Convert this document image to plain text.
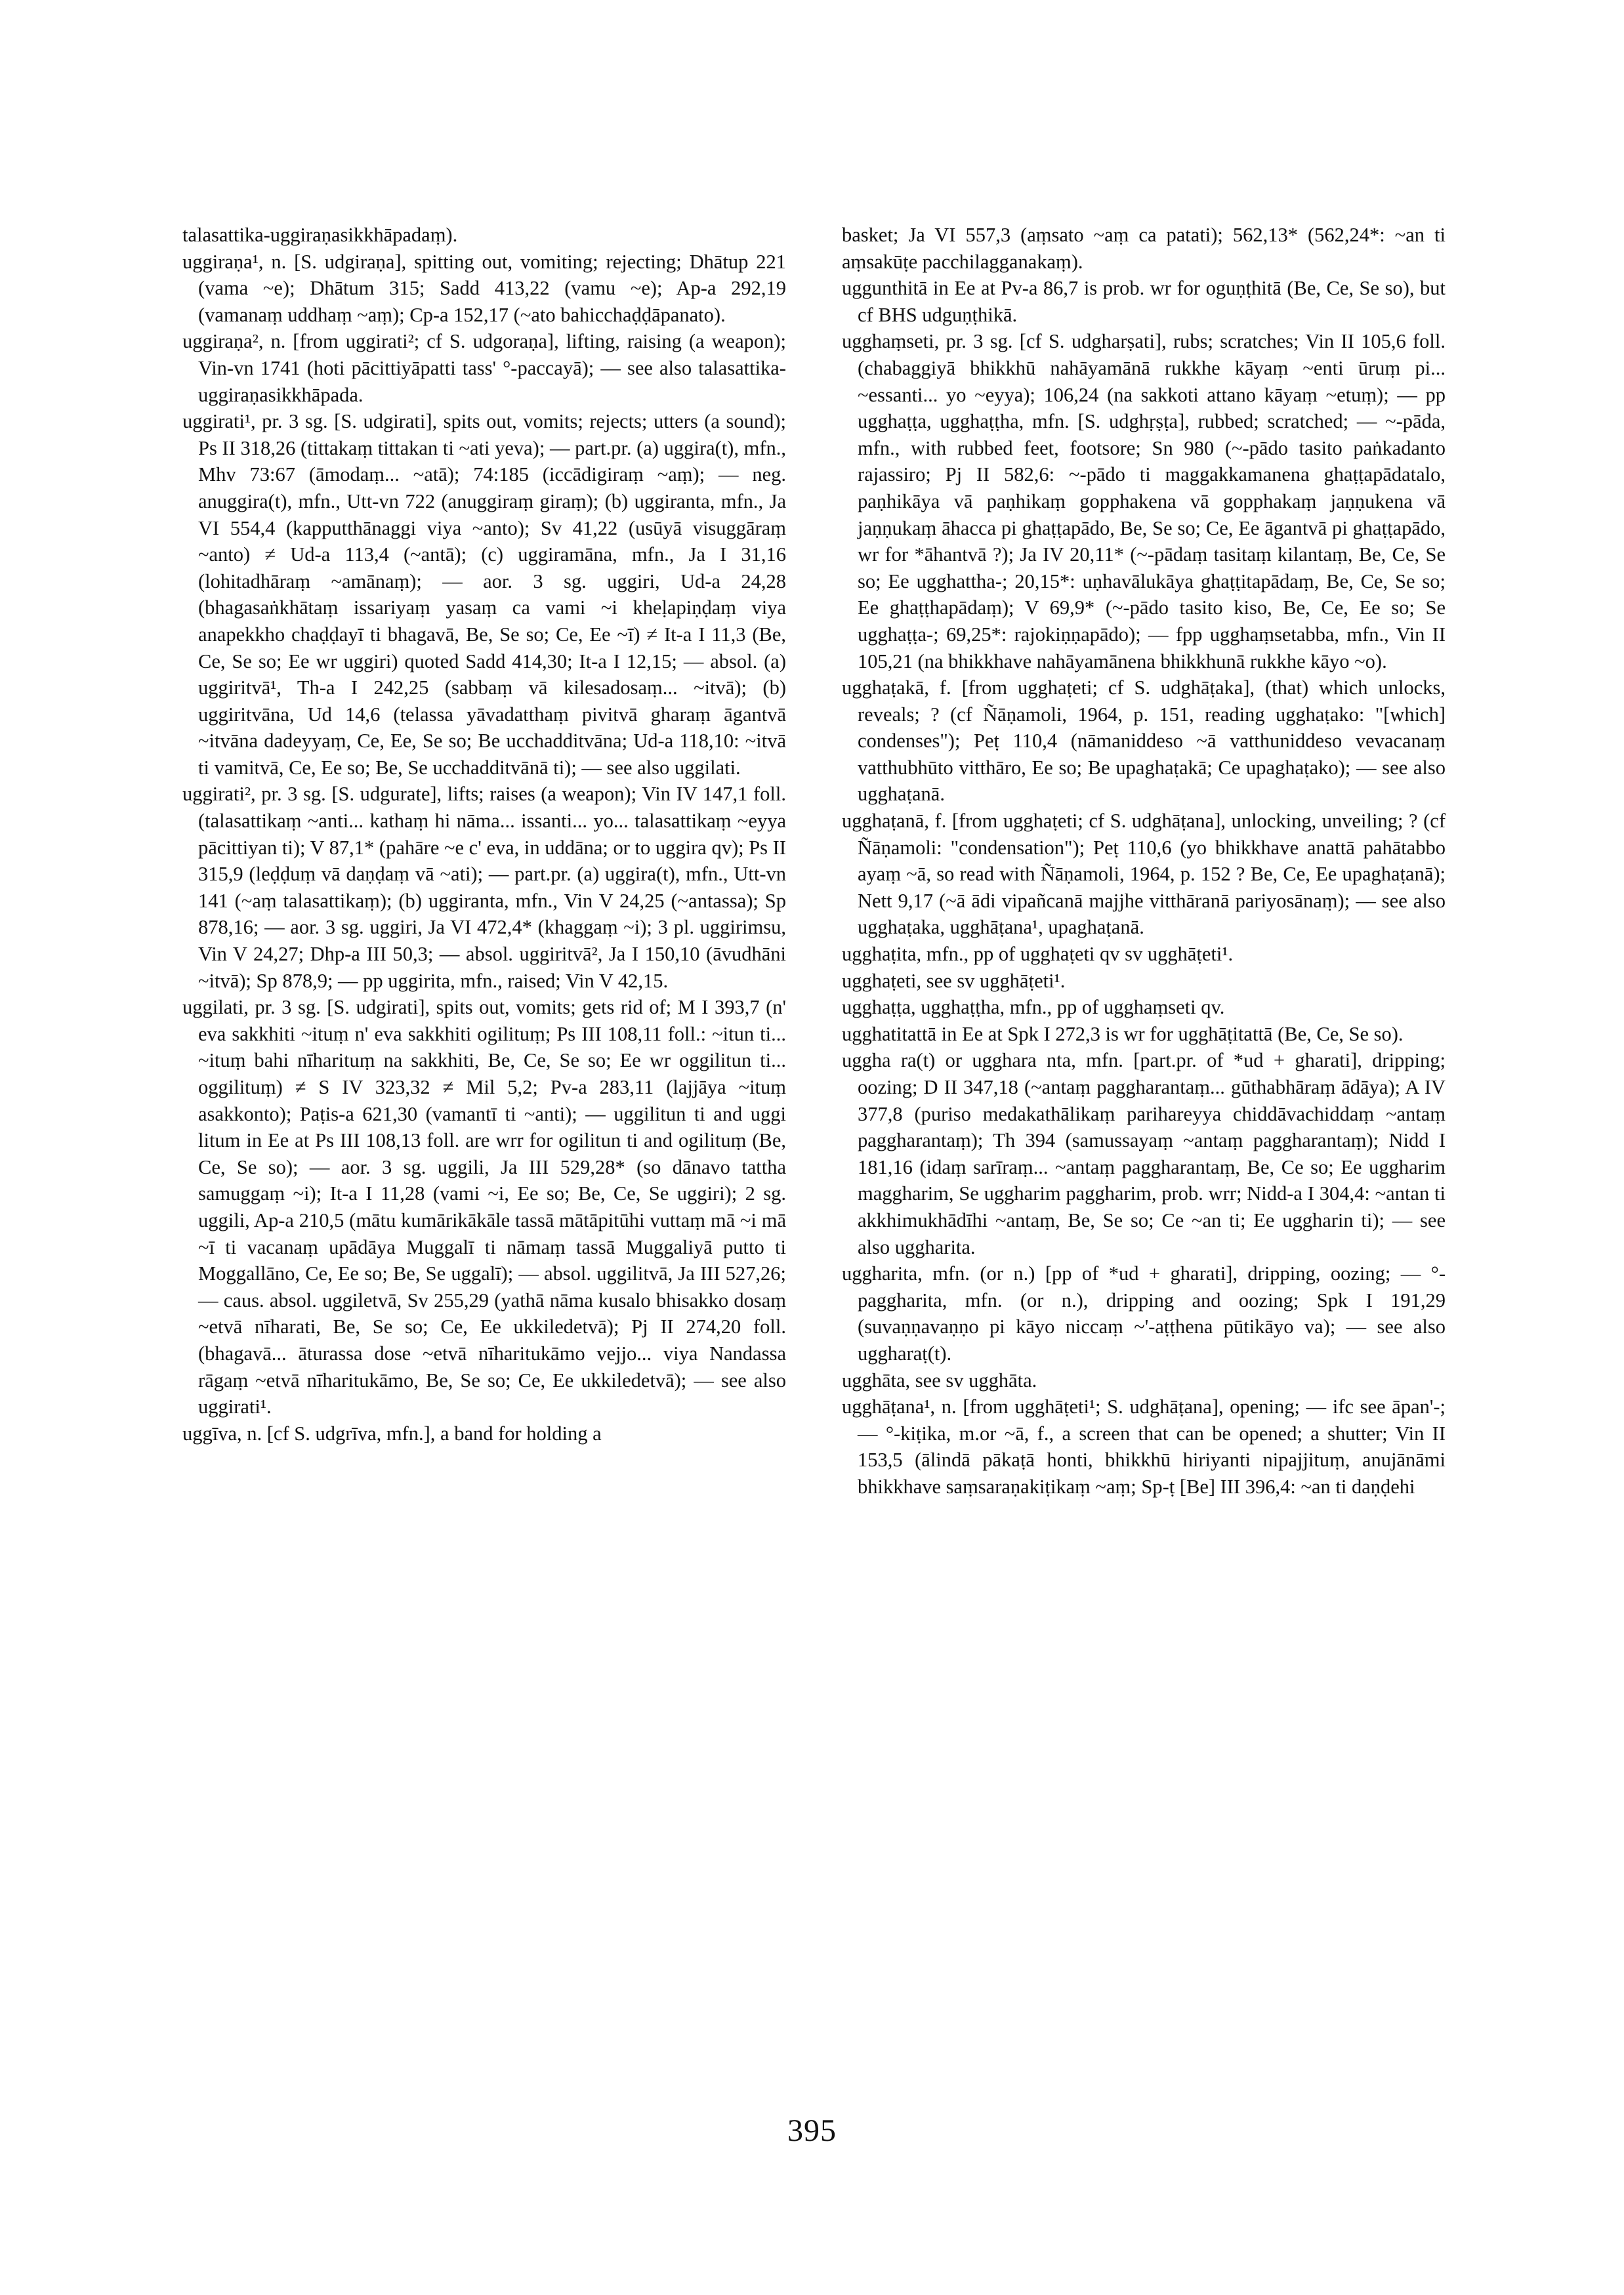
talasattika-uggiraṇasikkhāpadaṃ).

uggiraṇa¹, n. [S. udgiraṇa], spitting out, vomiting; rejecting; Dhātup 221 (vama ~e); Dhātum 315; Sadd 413,22 (vamu ~e); Ap-a 292,19 (vamanaṃ uddhaṃ ~aṃ); Cp-a 152,17 (~ato bahicchaḍḍāpanato).

uggiraṇa², n. [from uggirati²; cf S. udgoraṇa], lifting, raising (a weapon); Vin-vn 1741 (hoti pācittiyāpatti tass' °-paccayā); — see also talasattika-uggiraṇasikkhāpada.

uggirati¹, pr. 3 sg. [S. udgirati], spits out, vomits; rejects; utters (a sound); Ps II 318,26 (tittakaṃ tittakan ti ~ati yeva); — part.pr. (a) uggira(t), mfn., Mhv 73:67 (āmodaṃ... ~atā); 74:185 (iccādigiraṃ ~aṃ); — neg. anuggira(t), mfn., Utt-vn 722 (anuggiraṃ giraṃ); (b) uggiranta, mfn., Ja VI 554,4 (kapputthānaggi viya ~anto); Sv 41,22 (usūyā visuggāraṃ ~anto) ≠ Ud-a 113,4 (~antā); (c) uggiramāna, mfn., Ja I 31,16 (lohitadhāraṃ ~amānaṃ); — aor. 3 sg. uggiri, Ud-a 24,28 (bhagasaṅkhātaṃ issariyaṃ yasaṃ ca vami ~i kheḷapiṇḍaṃ viya anapekkho chaḍḍayī ti bhagavā, Be, Se so; Ce, Ee ~ī) ≠ It-a I 11,3 (Be, Ce, Se so; Ee wr uggiri) quoted Sadd 414,30; It-a I 12,15; — absol. (a) uggiritvā¹, Th-a I 242,25 (sabbaṃ vā kilesadosaṃ... ~itvā); (b) uggiritvāna, Ud 14,6 (telassa yāvadatthaṃ pivitvā gharaṃ āgantvā ~itvāna dadeyyaṃ, Ce, Ee, Se so; Be ucchadditvāna; Ud-a 118,10: ~itvā ti vamitvā, Ce, Ee so; Be, Se ucchadditvānā ti); — see also uggilati.

uggirati², pr. 3 sg. [S. udgurate], lifts; raises (a weapon); Vin IV 147,1 foll. (talasattikaṃ ~anti... kathaṃ hi nāma... issanti... yo... talasattikaṃ ~eyya pācittiyan ti); V 87,1* (pahāre ~e c' eva, in uddāna; or to uggira qv); Ps II 315,9 (leḍḍuṃ vā daṇḍaṃ vā ~ati); — part.pr. (a) uggira(t), mfn., Utt-vn 141 (~aṃ talasattikaṃ); (b) uggiranta, mfn., Vin V 24,25 (~antassa); Sp 878,16; — aor. 3 sg. uggiri, Ja VI 472,4* (khaggaṃ ~i); 3 pl. uggirimsu, Vin V 24,27; Dhp-a III 50,3; — absol. uggiritvā², Ja I 150,10 (āvudhāni ~itvā); Sp 878,9; — pp uggirita, mfn., raised; Vin V 42,15.

uggilati, pr. 3 sg. [S. udgirati], spits out, vomits; gets rid of; M I 393,7 (n' eva sakkhiti ~ituṃ n' eva sakkhiti ogilituṃ; Ps III 108,11 foll.: ~itun ti... ~ituṃ bahi nīharituṃ na sakkhiti, Be, Ce, Se so; Ee wr oggilitun ti... oggilituṃ) ≠ S IV 323,32 ≠ Mil 5,2; Pv-a 283,11 (lajjāya ~ituṃ asakkonto); Paṭis-a 621,30 (vamantī ti ~anti); — uggilitun ti and uggi litum in Ee at Ps III 108,13 foll. are wrr for ogilitun ti and ogilituṃ (Be, Ce, Se so); — aor. 3 sg. uggili, Ja III 529,28* (so dānavo tattha samuggaṃ ~i); It-a I 11,28 (vami ~i, Ee so; Be, Ce, Se uggiri); 2 sg. uggili, Ap-a 210,5 (mātu kumārikākāle tassā mātāpitūhi vuttaṃ mā ~i mā ~ī ti vacanaṃ upādāya Muggalī ti nāmaṃ tassā Muggaliyā putto ti Moggallāno, Ce, Ee so; Be, Se uggalī); — absol. uggilitvā, Ja III 527,26; — caus. absol. uggiletvā, Sv 255,29 (yathā nāma kusalo bhisakko dosaṃ ~etvā nīharati, Be, Se so; Ce, Ee ukkiledetvā); Pj II 274,20 foll. (bhagavā... āturassa dose ~etvā nīharitukāmo vejjo... viya Nandassa rāgaṃ ~etvā nīharitukāmo, Be, Se so; Ce, Ee ukkiledetvā); — see also uggirati¹.

uggīva, n. [cf S. udgrīva, mfn.], a band for holding a

basket; Ja VI 557,3 (aṃsato ~aṃ ca patati); 562,13* (562,24*: ~an ti aṃsakūṭe pacchilagganakaṃ).

uggunthitā in Ee at Pv-a 86,7 is prob. wr for oguṇṭhitā (Be, Ce, Se so), but cf BHS udguṇṭhikā.

ugghaṃseti, pr. 3 sg. [cf S. udgharṣati], rubs; scratches; Vin II 105,6 foll. (chabaggiyā bhikkhū nahāyamānā rukkhe kāyaṃ ~enti ūruṃ pi... ~essanti... yo ~eyya); 106,24 (na sakkoti attano kāyaṃ ~etuṃ); — pp ugghaṭṭa, ugghaṭṭha, mfn. [S. udghṛṣṭa], rubbed; scratched; — ~-pāda, mfn., with rubbed feet, footsore; Sn 980 (~-pādo tasito paṅkadanto rajassiro; Pj II 582,6: ~-pādo ti maggakkamanena ghaṭṭapādatalo, paṇhikāya vā paṇhikaṃ gopphakena vā gopphakaṃ jaṇṇukena vā jaṇṇukaṃ āhacca pi ghaṭṭapādo, Be, Se so; Ce, Ee āgantvā pi ghaṭṭapādo, wr for *āhantvā ?); Ja IV 20,11* (~-pādaṃ tasitaṃ kilantaṃ, Be, Ce, Se so; Ee ugghattha-; 20,15*: uṇhavālukāya ghaṭṭitapādaṃ, Be, Ce, Se so; Ee ghaṭṭhapādaṃ); V 69,9* (~-pādo tasito kiso, Be, Ce, Ee so; Se ugghaṭṭa-; 69,25*: rajokiṇṇapādo); — fpp ugghaṃsetabba, mfn., Vin II 105,21 (na bhikkhave nahāyamānena bhikkhunā rukkhe kāyo ~o).

ugghaṭakā, f. [from ugghaṭeti; cf S. udghāṭaka], (that) which unlocks, reveals; ? (cf Ñāṇamoli, 1964, p. 151, reading ugghaṭako: "[which] condenses"); Peṭ 110,4 (nāmaniddeso ~ā vatthuniddeso vevacanaṃ vatthubhūto vitthāro, Ee so; Be upaghaṭakā; Ce upaghaṭako); — see also ugghaṭanā.

ugghaṭanā, f. [from ugghaṭeti; cf S. udghāṭana], unlocking, unveiling; ? (cf Ñāṇamoli: "condensation"); Peṭ 110,6 (yo bhikkhave anattā pahātabbo ayaṃ ~ā, so read with Ñāṇamoli, 1964, p. 152 ? Be, Ce, Ee upaghaṭanā); Nett 9,17 (~ā ādi vipañcanā majjhe vitthāranā pariyosānaṃ); — see also ugghaṭaka, ugghāṭana¹, upaghaṭanā.

ugghaṭita, mfn., pp of ugghaṭeti qv sv ugghāṭeti¹.

ugghaṭeti, see sv ugghāṭeti¹.

ugghaṭṭa, ugghaṭṭha, mfn., pp of ugghaṃseti qv.

ugghatitattā in Ee at Spk I 272,3 is wr for ugghāṭitattā (Be, Ce, Se so).

uggha ra(t) or ugghara nta, mfn. [part.pr. of *ud + gharati], dripping; oozing; D II 347,18 (~antaṃ paggharantaṃ... gūthabhāraṃ ādāya); A IV 377,8 (puriso medakathālikaṃ parihareyya chiddāvachiddaṃ ~antaṃ paggharantaṃ); Th 394 (samussayaṃ ~antaṃ paggharantaṃ); Nidd I 181,16 (idaṃ sarīraṃ... ~antaṃ paggharantaṃ, Be, Ce so; Ee uggharim maggharim, Se uggharim paggharim, prob. wrr; Nidd-a I 304,4: ~antan ti akkhimukhādīhi ~antaṃ, Be, Se so; Ce ~an ti; Ee uggharin ti); — see also uggharita.

uggharita, mfn. (or n.) [pp of *ud + gharati], dripping, oozing; — °-paggharita, mfn. (or n.), dripping and oozing; Spk I 191,29 (suvaṇṇavaṇṇo pi kāyo niccaṃ ~'-aṭṭhena pūtikāyo va); — see also uggharaṭ(t).

ugghāta, see sv ugghāta.

ugghāṭana¹, n. [from ugghāṭeti¹; S. udghāṭana], opening; — ifc see āpan'-; — °-kiṭika, m.or ~ā, f., a screen that can be opened; a shutter; Vin II 153,5 (ālindā pākaṭā honti, bhikkhū hiriyanti nipajjituṃ, anujānāmi bhikkhave saṃsaraṇakiṭikaṃ ~aṃ; Sp-ṭ [Be] III 396,4: ~an ti daṇḍehi

395
